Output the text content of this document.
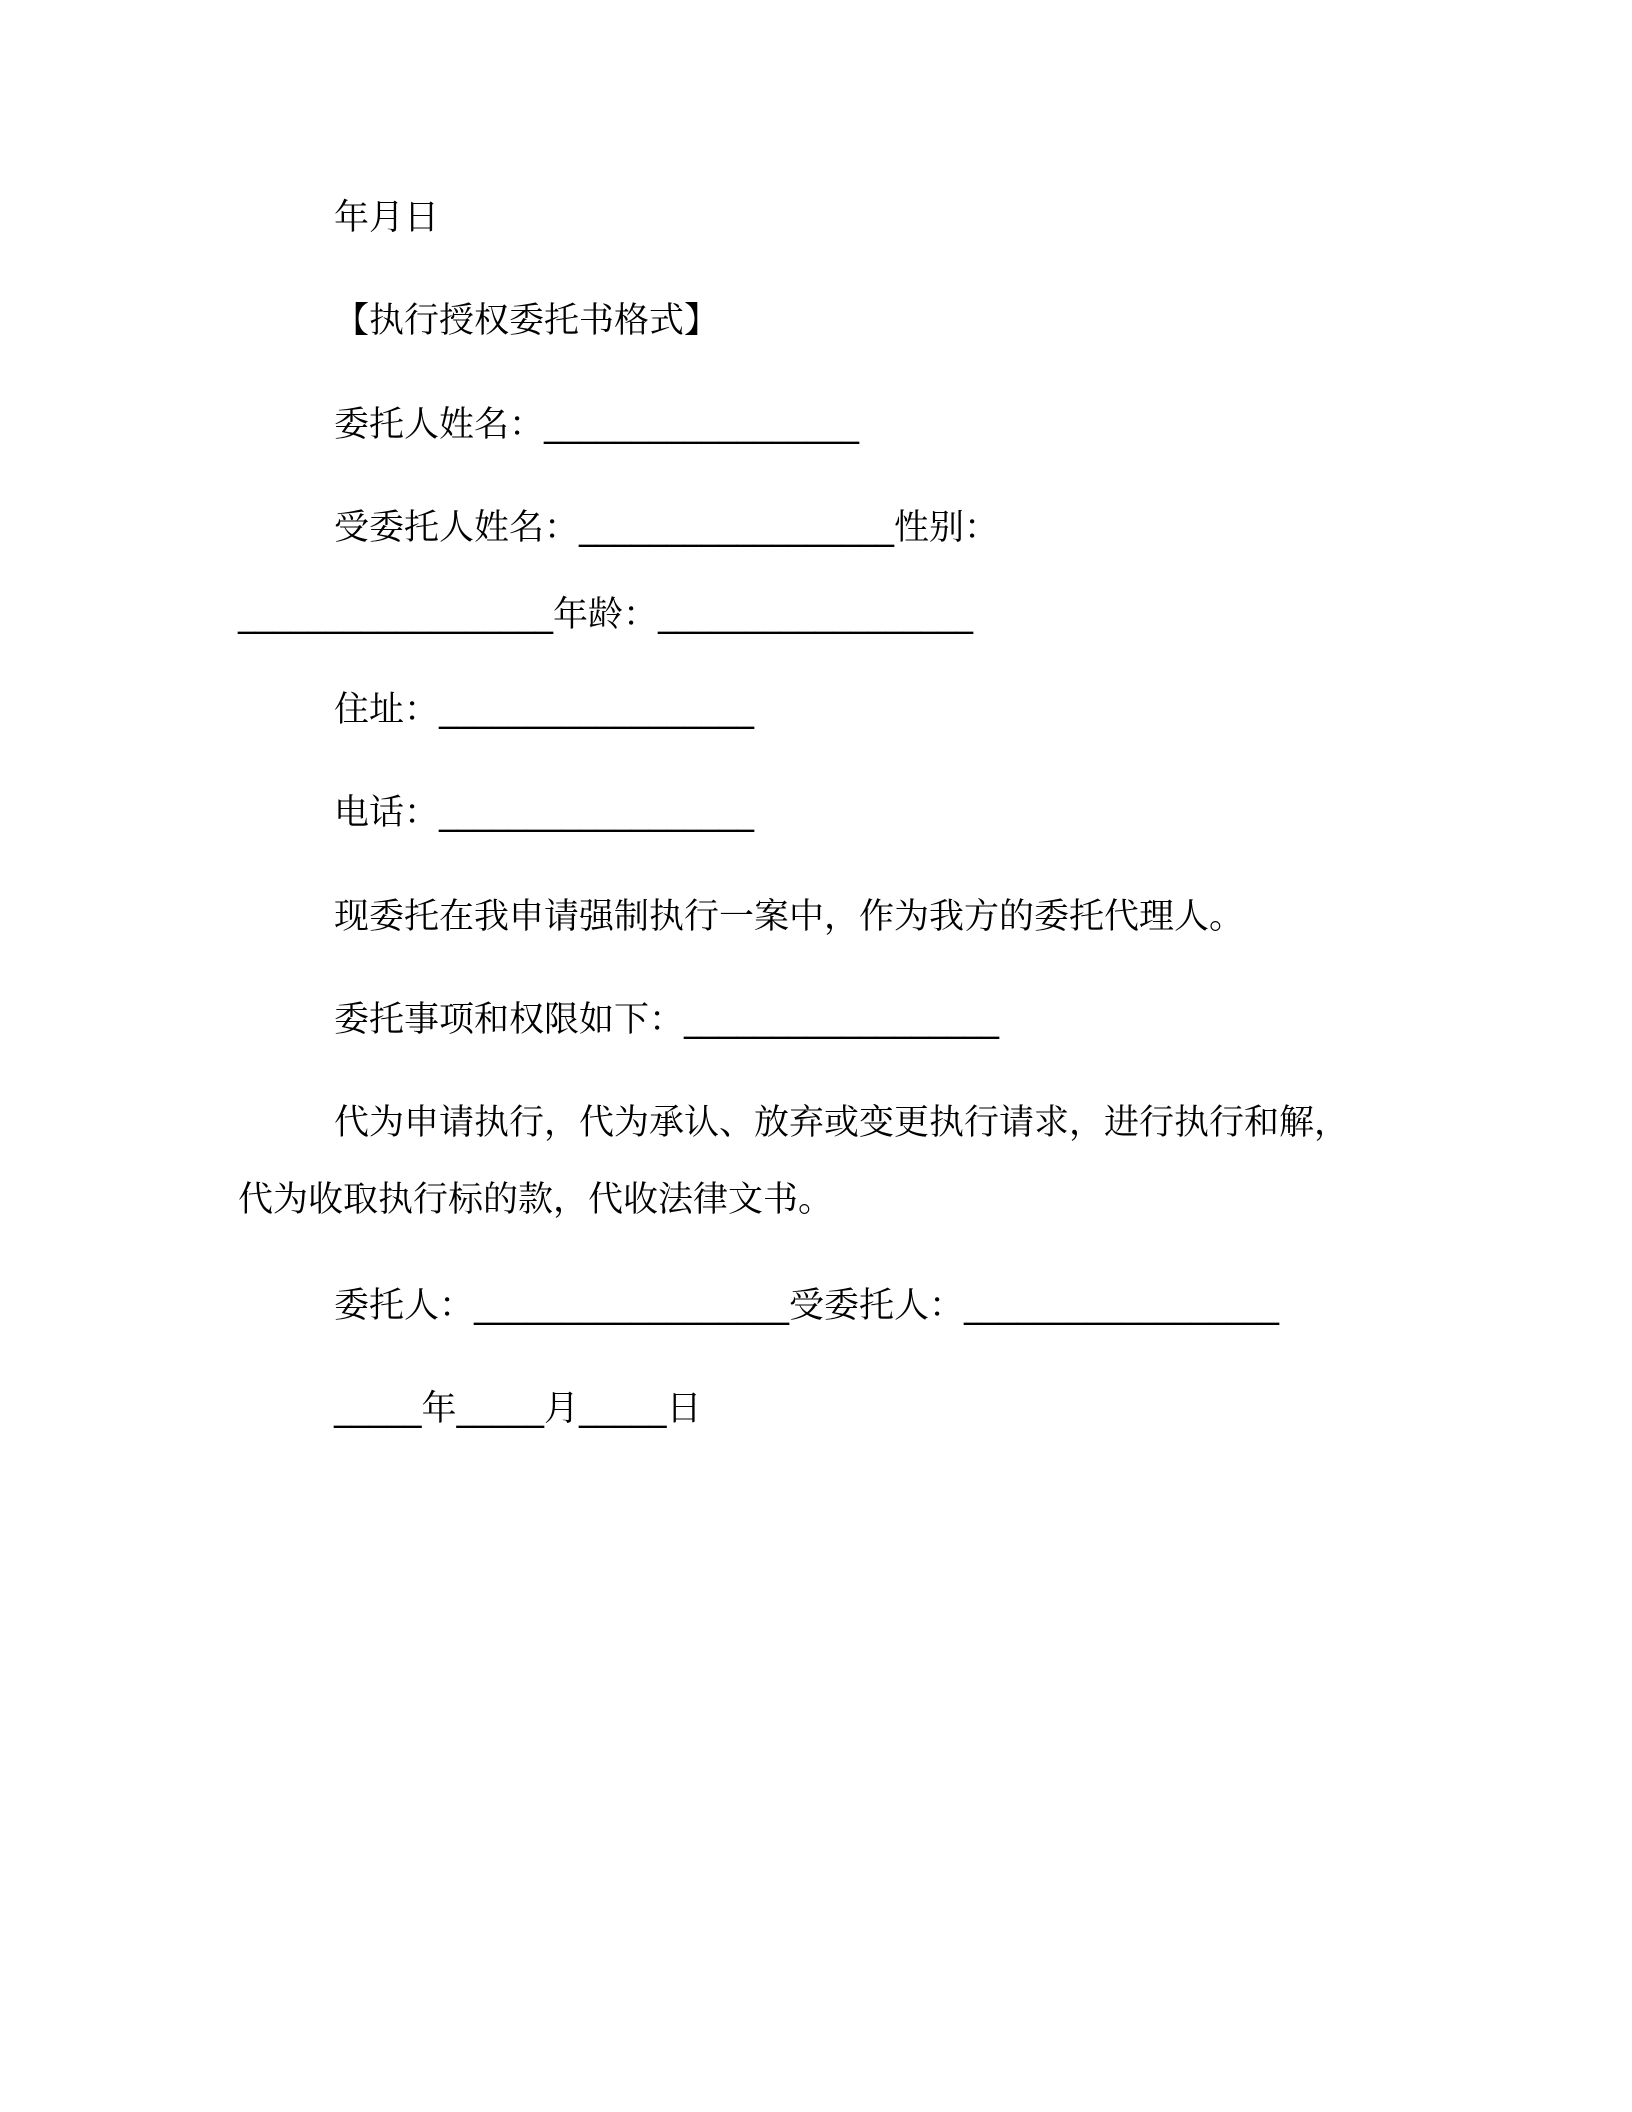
年月日
【执行授权委托书格式】
委托人姓名：__________________
受委托人姓名：__________________性别：
__________________年龄：__________________
住址：__________________
电话：__________________
现委托在我申请强制执行一案中，作为我方的委托代理人。
委托事项和权限如下：__________________
代为申请执行，代为承认、放弃或变更执行请求，进行执行和解，
代为收取执行标的款，代收法律文书。
委托人：__________________受委托人：__________________
_____年_____月_____日
